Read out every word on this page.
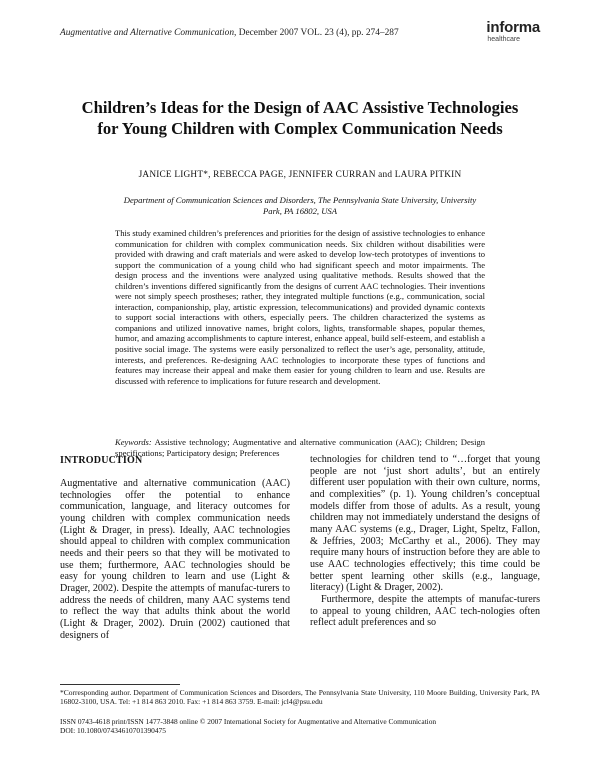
Augmentative and Alternative Communication, December 2007 VOL. 23 (4), pp. 274–287	informa
healthcare
Children’s Ideas for the Design of AAC Assistive Technologies for Young Children with Complex Communication Needs
JANICE LIGHT*, REBECCA PAGE, JENNIFER CURRAN and LAURA PITKIN
Department of Communication Sciences and Disorders, The Pennsylvania State University, University Park, PA 16802, USA
This study examined children’s preferences and priorities for the design of assistive technologies to enhance communication for children with complex communication needs. Six children without disabilities were provided with drawing and craft materials and were asked to develop low-tech prototypes of inventions to support the communication of a young child who had significant speech and motor impairments. The design process and the inventions were analyzed using qualitative methods. Results showed that the children’s inventions differed significantly from the designs of current AAC technologies. Their inventions were not simply speech prostheses; rather, they integrated multiple functions (e.g., communication, social interaction, companionship, play, artistic expression, telecommunications) and provided dynamic contexts to support social interactions with others, especially peers. The children characterized the systems as companions and utilized innovative names, bright colors, lights, transformable shapes, popular themes, humor, and amazing accomplishments to capture interest, enhance appeal, build self-esteem, and establish a positive social image. The systems were easily personalized to reflect the user’s age, personality, attitude, interests, and preferences. Re-designing AAC technologies to incorporate these types of functions and features may increase their appeal and make them easier for young children to learn and use. Results are discussed with reference to implications for future research and development.
Keywords: Assistive technology; Augmentative and alternative communication (AAC); Children; Design specifications; Participatory design; Preferences
INTRODUCTION

Augmentative and alternative communication (AAC) technologies offer the potential to enhance communication, language, and literacy outcomes for young children with complex communication needs (Light & Drager, in press). Ideally, AAC technologies should appeal to children with complex communication needs and their peers so that they will be motivated to use them; furthermore, AAC technologies should be easy for young children to learn and use (Light & Drager, 2002). Despite the attempts of manufac-turers to address the needs of children, many AAC systems tend to reflect the way that adults think about the world (Light & Drager, 2002). Druin (2002) cautioned that designers of

technologies for children tend to “…forget that young people are not ‘just short adults’, but an entirely different user population with their own culture, norms, and complexities” (p. 1). Young children’s conceptual models differ from those of adults. As a result, young children may not immediately understand the designs of many AAC systems (e.g., Drager, Light, Speltz, Fallon, & Jeffries, 2003; McCarthy et al., 2006). They may require many hours of instruction before they are able to use AAC technologies effectively; this time could be better spent learning other skills (e.g., language, literacy) (Light & Drager, 2002).

Furthermore, despite the attempts of manufac-turers to appeal to young children, AAC tech-nologies often reflect adult preferences and so

*Corresponding author. Department of Communication Sciences and Disorders, The Pennsylvania State University, 110 Moore Building, University Park, PA 16802-3100, USA. Tel: +1 814 863 2010. Fax: +1 814 863 3759. E-mail: jcl4@psu.edu
ISSN 0743-4618 print/ISSN 1477-3848 online © 2007 International Society for Augmentative and Alternative Communication
DOI: 10.1080/07434610701390475
